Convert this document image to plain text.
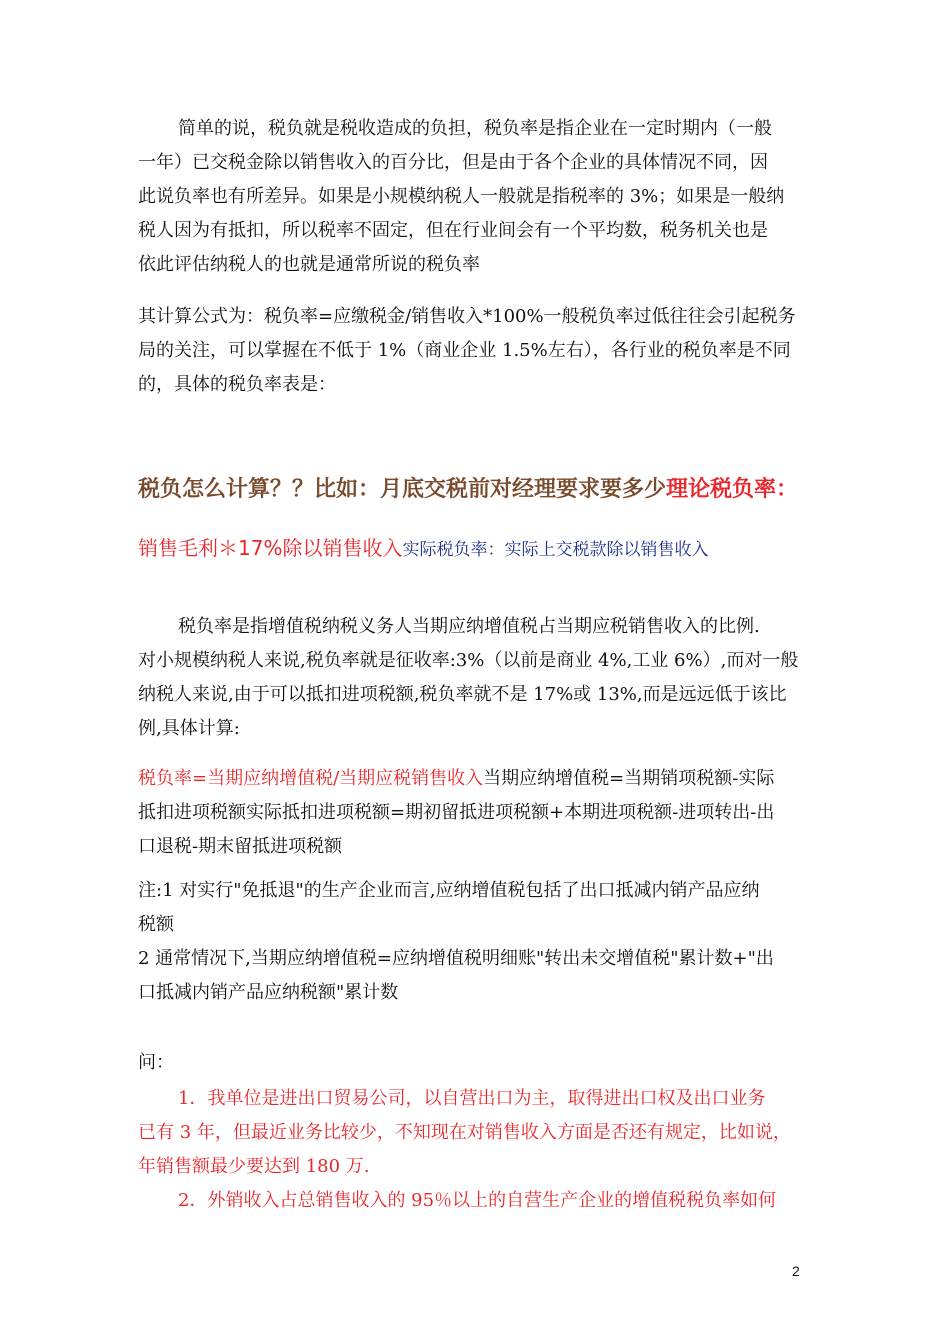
简单的说，税负就是税收造成的负担，税负率是指企业在一定时期内（一般
一年）已交税金除以销售收入的百分比，但是由于各个企业的具体情况不同，因
此说负率也有所差异。如果是小规模纳税人一般就是指税率的 3%；如果是一般纳
税人因为有抵扣，所以税率不固定，但在行业间会有一个平均数，税务机关也是
依此评估纳税人的也就是通常所说的税负率

其计算公式为：税负率=应缴税金/销售收入*100%一般税负率过低往往会引起税务
局的关注，可以掌握在不低于 1%（商业企业 1.5%左右），各行业的税负率是不同
的，具体的税负率表是：

税负怎么计算？？比如：月底交税前对经理要求要多少理论税负率：
销售毛利＊17%除以销售收入实际税负率：实际上交税款除以销售收入

税负率是指增值税纳税义务人当期应纳增值税占当期应税销售收入的比例.
对小规模纳税人来说,税负率就是征收率:3%（以前是商业 4%,工业 6%）,而对一般
纳税人来说,由于可以抵扣进项税额,税负率就不是 17%或 13%,而是远远低于该比
例,具体计算:

税负率=当期应纳增值税/当期应税销售收入当期应纳增值税=当期销项税额-实际
抵扣进项税额实际抵扣进项税额=期初留抵进项税额+本期进项税额-进项转出-出
口退税-期末留抵进项税额

注:1 对实行"免抵退"的生产企业而言,应纳增值税包括了出口抵减内销产品应纳
税额
2 通常情况下,当期应纳增值税=应纳增值税明细账"转出未交增值税"累计数+"出
口抵减内销产品应纳税额"累计数

问：

1．我单位是进出口贸易公司，以自营出口为主，取得进出口权及出口业务
已有 3 年，但最近业务比较少，不知现在对销售收入方面是否还有规定，比如说，
年销售额最少要达到 180 万.
2．外销收入占总销售收入的 95％以上的自营生产企业的增值税税负率如何

2
